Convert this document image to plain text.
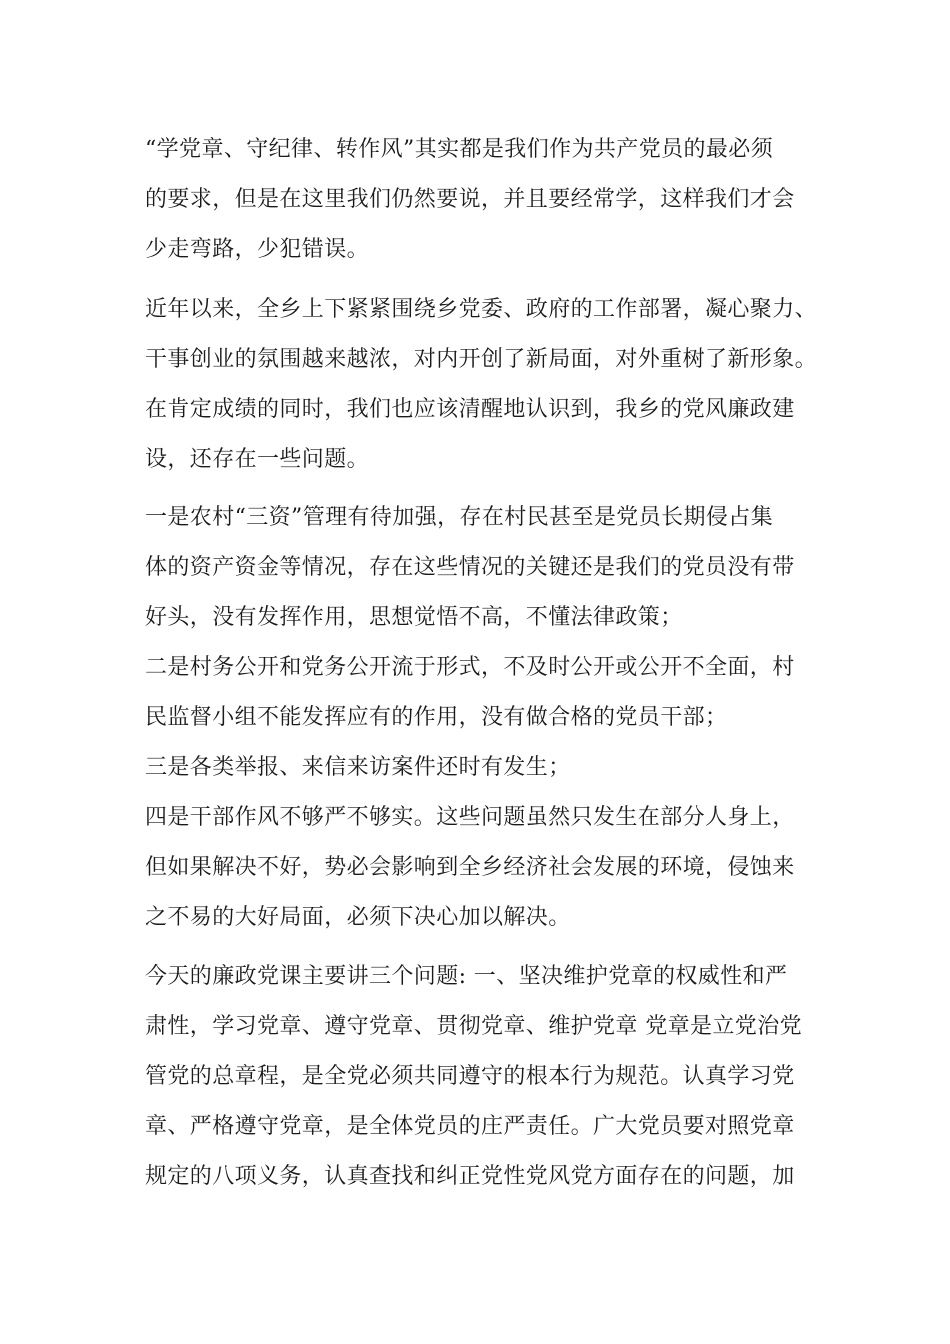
“学党章、守纪律、转作风”其实都是我们作为共产党员的最必须

的要求，但是在这里我们仍然要说，并且要经常学，这样我们才会

少走弯路，少犯错误。

近年以来，全乡上下紧紧围绕乡党委、政府的工作部署，凝心聚力、

干事创业的氛围越来越浓，对内开创了新局面，对外重树了新形象。

在肯定成绩的同时，我们也应该清醒地认识到，我乡的党风廉政建

设，还存在一些问题。

一是农村“三资”管理有待加强，存在村民甚至是党员长期侵占集

体的资产资金等情况，存在这些情况的关键还是我们的党员没有带

好头，没有发挥作用，思想觉悟不高，不懂法律政策；

二是村务公开和党务公开流于形式，不及时公开或公开不全面，村

民监督小组不能发挥应有的作用，没有做合格的党员干部；

三是各类举报、来信来访案件还时有发生；

四是干部作风不够严不够实。这些问题虽然只发生在部分人身上，

但如果解决不好，势必会影响到全乡经济社会发展的环境，侵蚀来

之不易的大好局面，必须下决心加以解决。

今天的廉政党课主要讲三个问题: 一、坚决维护党章的权威性和严

肃性，学习党章、遵守党章、贯彻党章、维护党章 党章是立党治党

管党的总章程，是全党必须共同遵守的根本行为规范。认真学习党

章、严格遵守党章，是全体党员的庄严责任。广大党员要对照党章

规定的八项义务，认真查找和纠正党性党风党方面存在的问题，加
